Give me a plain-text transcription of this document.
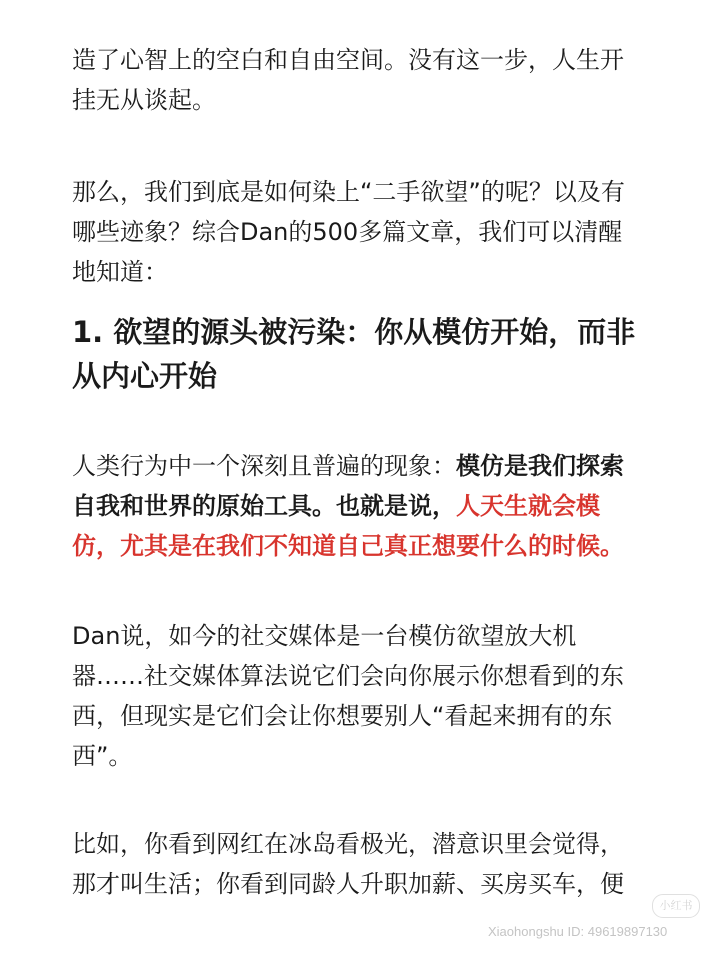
造了心智上的空白和自由空间。没有这一步，人生开
挂无从谈起。

那么，我们到底是如何染上“二手欲望”的呢？以及有
哪些迹象？综合Dan的500多篇文章，我们可以清醒
地知道：

1. 欲望的源头被污染：你从模仿开始，而非
从内心开始

人类行为中一个深刻且普遍的现象：模仿是我们探索
自我和世界的原始工具。也就是说，人天生就会模
仿，尤其是在我们不知道自己真正想要什么的时候。

Dan说，如今的社交媒体是一台模仿欲望放大机
器……社交媒体算法说它们会向你展示你想看到的东
西，但现实是它们会让你想要别人“看起来拥有的东
西”。

比如，你看到网红在冰岛看极光，潜意识里会觉得，
那才叫生活；你看到同龄人升职加薪、买房买车，便

小红书
Xiaohongshu ID: 49619897130
